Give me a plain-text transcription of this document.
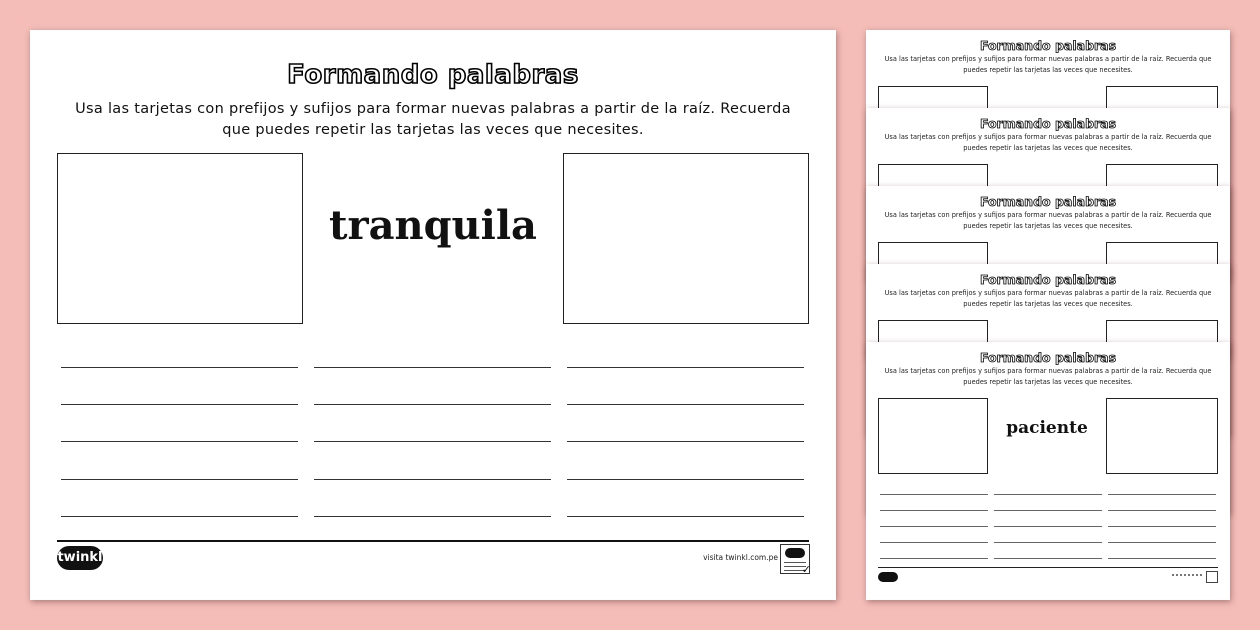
Formando palabras
Usa las tarjetas con prefijos y sufijos para formar nuevas palabras a partir de la raíz. Recuerda que puedes repetir las tarjetas las veces que necesites.
tranquila
twinkl	visita twinkl.com.pe
✓
Formando palabras
Usa las tarjetas con prefijos y sufijos para formar nuevas palabras a partir de la raíz. Recuerda que puedes repetir las tarjetas las veces que necesites.
Formando palabras
Usa las tarjetas con prefijos y sufijos para formar nuevas palabras a partir de la raíz. Recuerda que puedes repetir las tarjetas las veces que necesites.
Formando palabras
Usa las tarjetas con prefijos y sufijos para formar nuevas palabras a partir de la raíz. Recuerda que puedes repetir las tarjetas las veces que necesites.
Formando palabras
Usa las tarjetas con prefijos y sufijos para formar nuevas palabras a partir de la raíz. Recuerda que puedes repetir las tarjetas las veces que necesites.
Formando palabras
Usa las tarjetas con prefijos y sufijos para formar nuevas palabras a partir de la raíz. Recuerda que puedes repetir las tarjetas las veces que necesites.
paciente
